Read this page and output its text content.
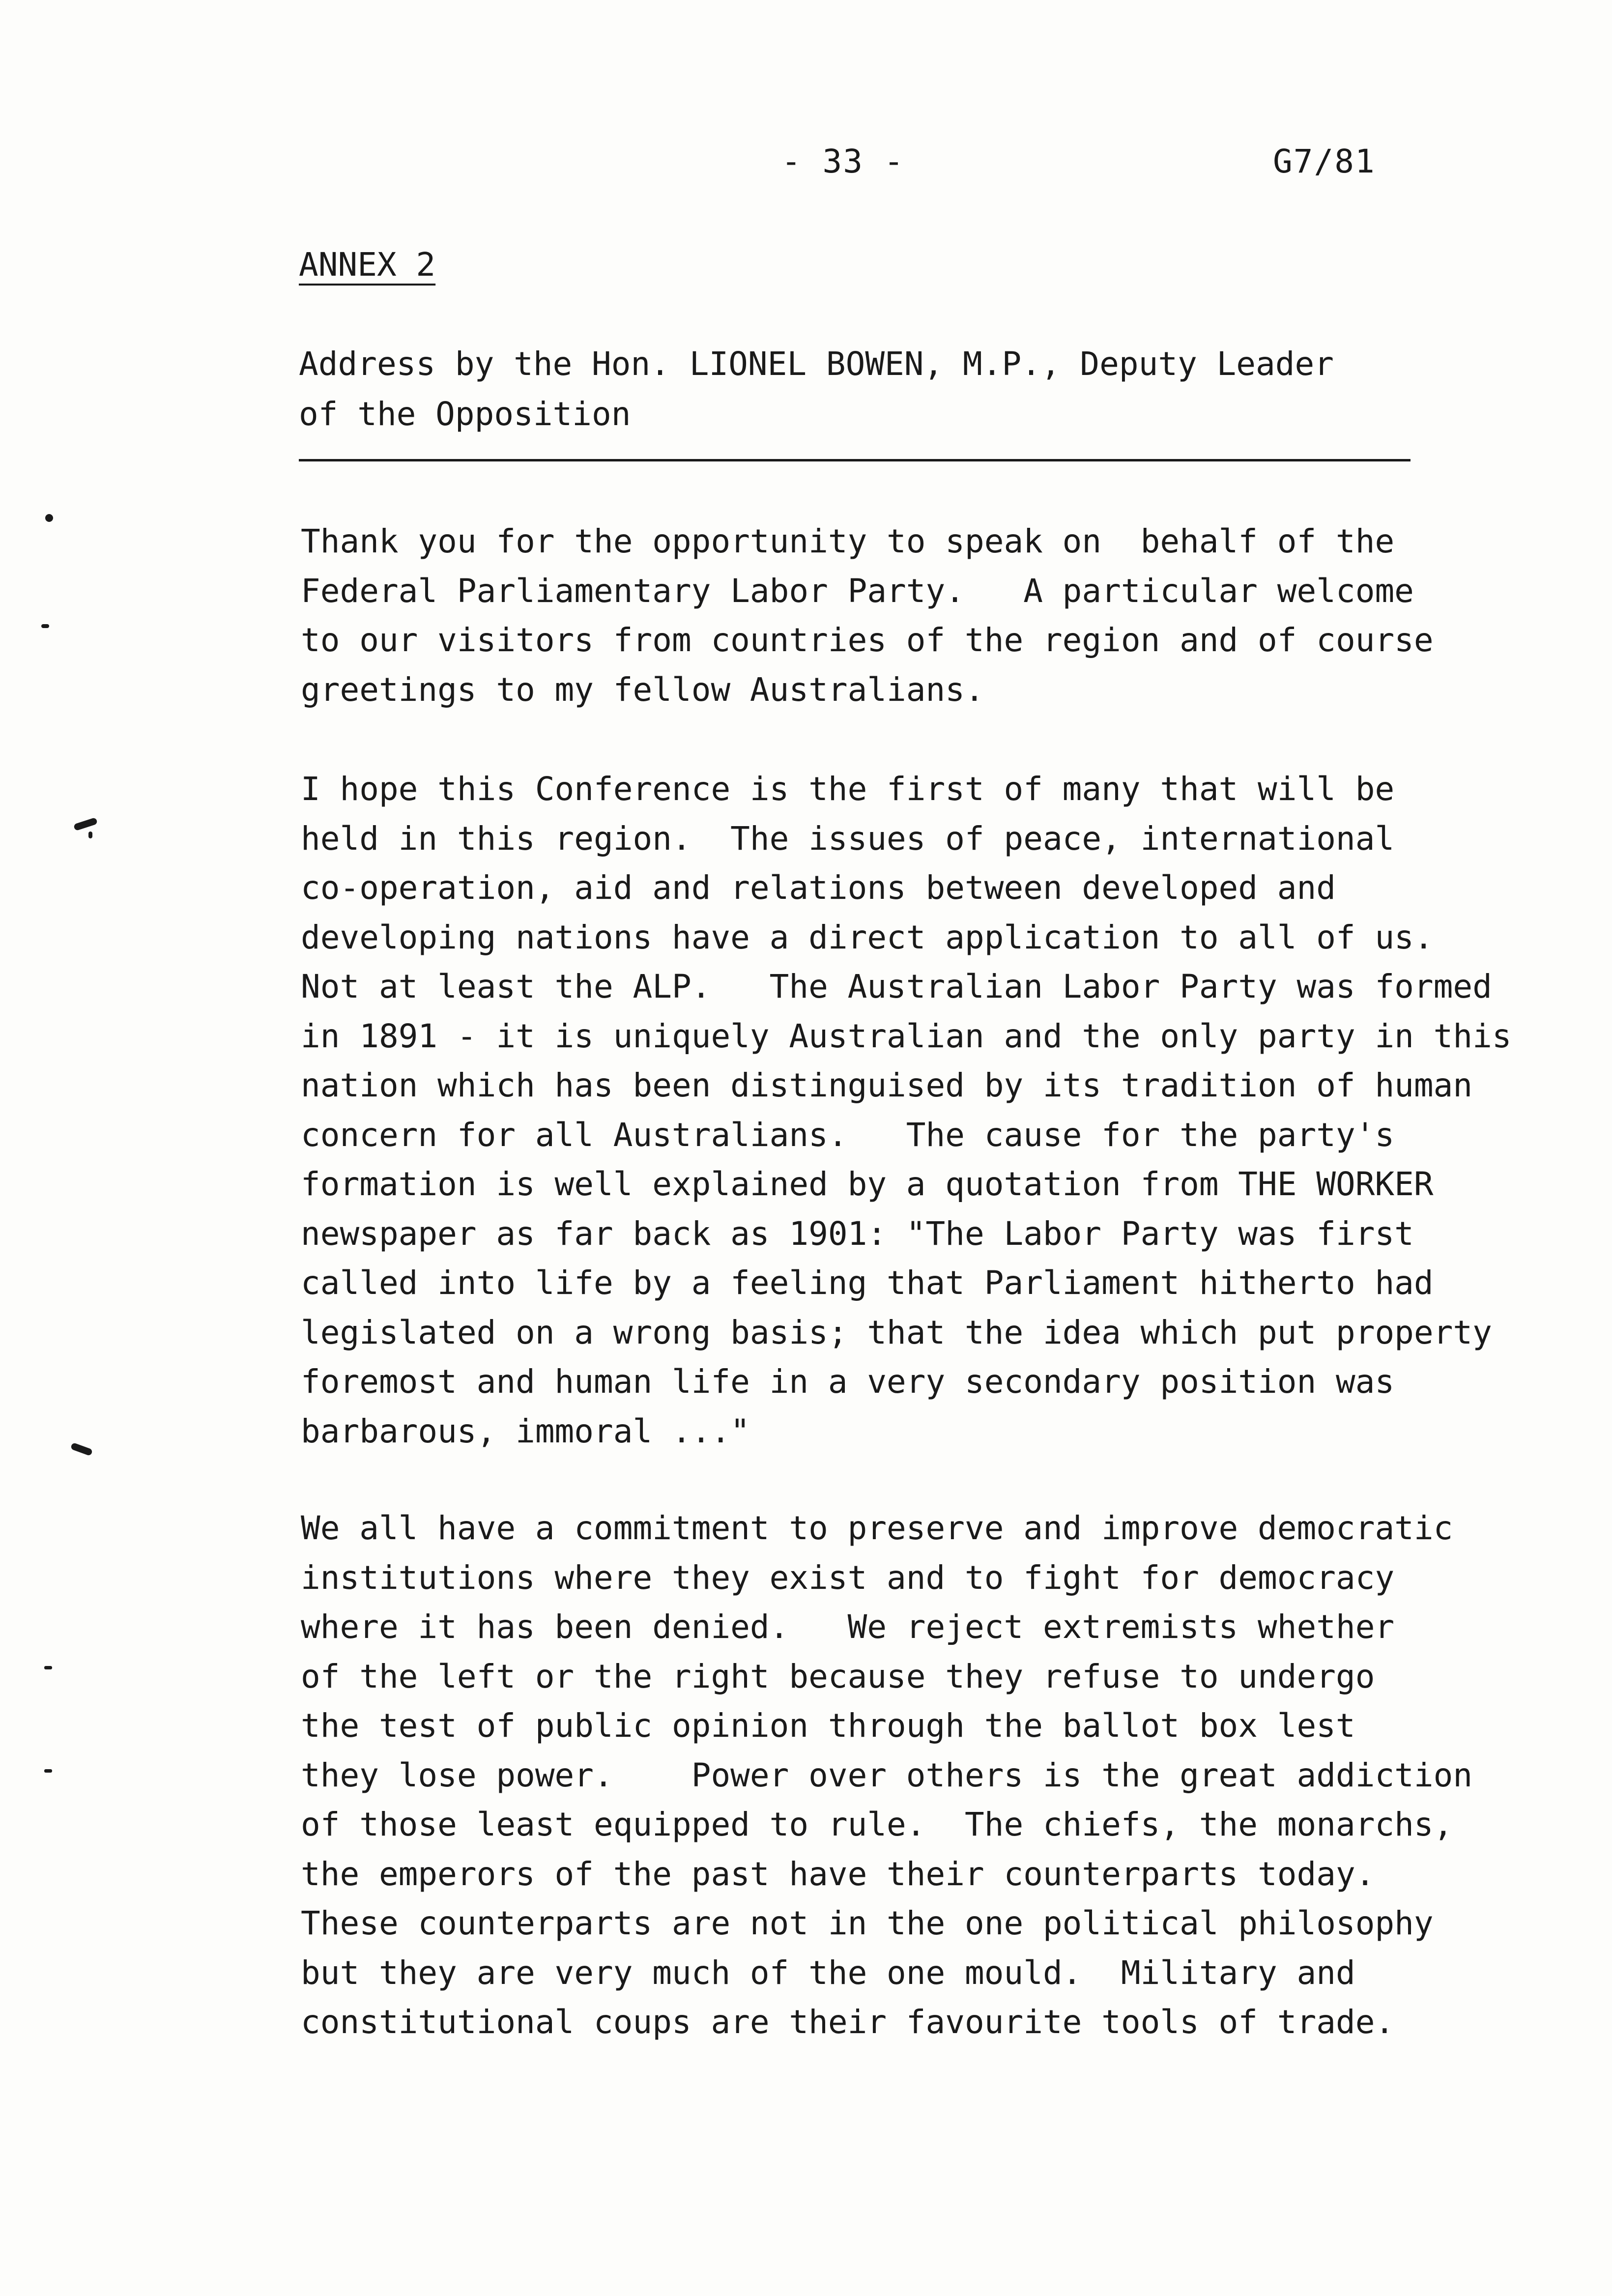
- 33 -	G7/81
ANNEX 2
Address by the Hon. LIONEL BOWEN, M.P., Deputy Leader
of the Opposition
Thank you for the opportunity to speak on  behalf of the
Federal Parliamentary Labor Party.   A particular welcome
to our visitors from countries of the region and of course
greetings to my fellow Australians.
I hope this Conference is the first of many that will be
held in this region.  The issues of peace, international
co-operation, aid and relations between developed and
developing nations have a direct application to all of us.
Not at least the ALP.   The Australian Labor Party was formed
in 1891 - it is uniquely Australian and the only party in this
nation which has been distinguised by its tradition of human
concern for all Australians.   The cause for the party's
formation is well explained by a quotation from THE WORKER
newspaper as far back as 1901: "The Labor Party was first
called into life by a feeling that Parliament hitherto had
legislated on a wrong basis; that the idea which put property
foremost and human life in a very secondary position was
barbarous, immoral ..."
We all have a commitment to preserve and improve democratic
institutions where they exist and to fight for democracy
where it has been denied.   We reject extremists whether
of the left or the right because they refuse to undergo
the test of public opinion through the ballot box lest
they lose power.    Power over others is the great addiction
of those least equipped to rule.  The chiefs, the monarchs,
the emperors of the past have their counterparts today.
These counterparts are not in the one political philosophy
but they are very much of the one mould.  Military and
constitutional coups are their favourite tools of trade.
